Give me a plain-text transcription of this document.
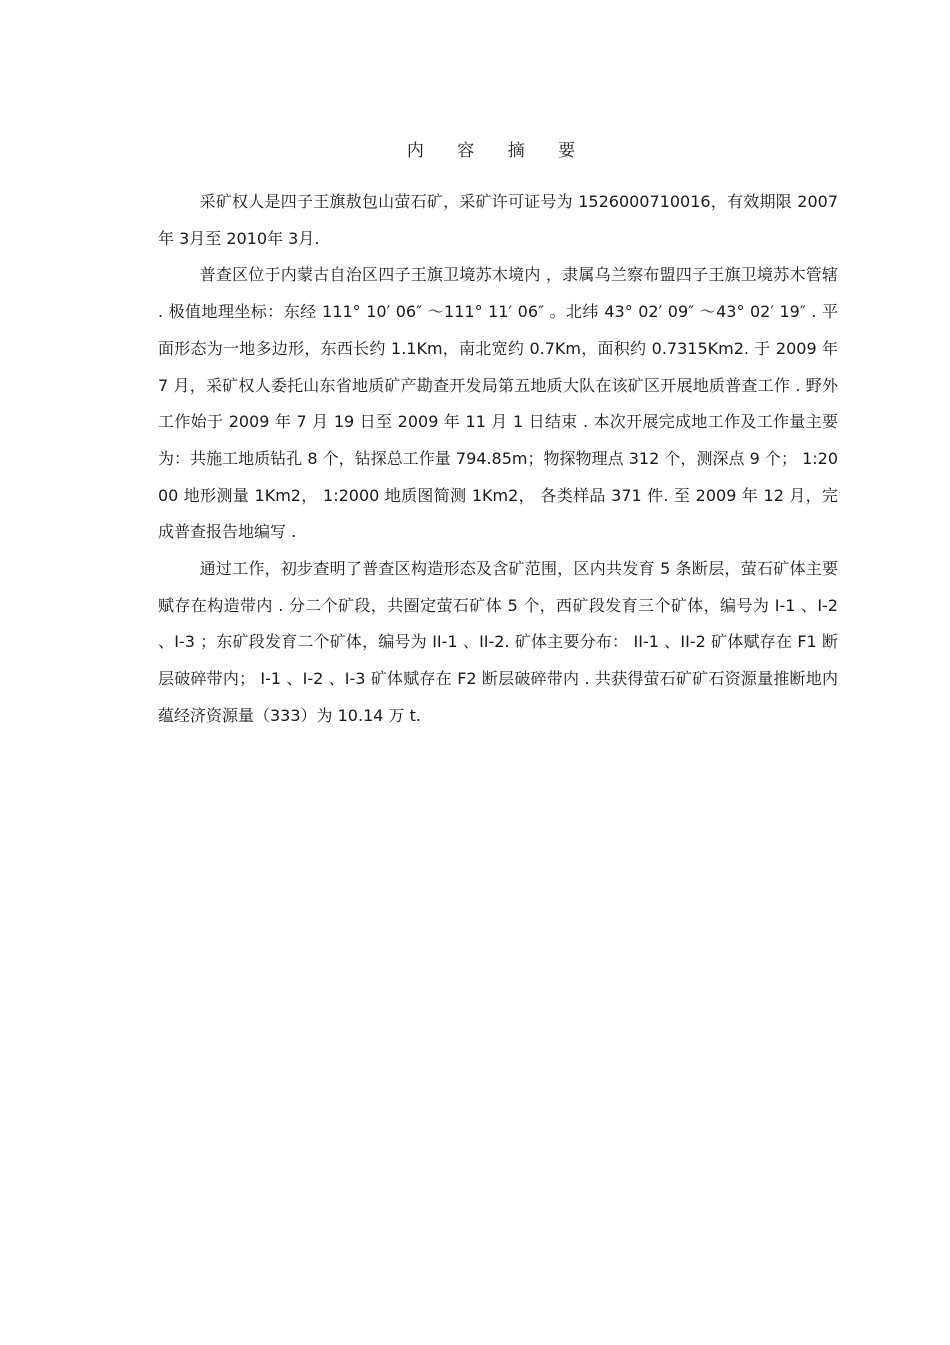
内 容 摘 要

采矿权人是四子王旗敖包山萤石矿，采矿许可证号为 1526000710016，有效期限 2007年 3月至 2010年 3月.

普查区位于内蒙古自治区四子王旗卫境苏木境内 ，隶属乌兰察布盟四子王旗卫境苏木管辖 . 极值地理坐标：东经 111° 10′ 06″ ～111° 11′ 06″ 。北纬 43° 02′ 09″ ～43° 02′ 19″ . 平面形态为一地多边形，东西长约 1.1Km，南北宽约 0.7Km，面积约 0.7315Km2. 于 2009 年 7 月，采矿权人委托山东省地质矿产勘查开发局第五地质大队在该矿区开展地质普查工作 . 野外工作始于 2009 年 7 月 19 日至 2009 年 11 月 1 日结束 . 本次开展完成地工作及工作量主要为：共施工地质钻孔 8 个，钻探总工作量 794.85m；物探物理点 312 个，测深点 9 个； 1:2000 地形测量 1Km2， 1:2000 地质图简测 1Km2， 各类样品 371 件. 至 2009 年 12 月，完成普查报告地编写 .

通过工作，初步查明了普查区构造形态及含矿范围，区内共发育 5 条断层，萤石矿体主要赋存在构造带内 . 分二个矿段，共圈定萤石矿体 5 个，西矿段发育三个矿体，编号为 I-1 、I-2 、I-3 ；东矿段发育二个矿体，编号为 II-1 、II-2. 矿体主要分布： II-1 、II-2 矿体赋存在 F1 断层破碎带内； I-1 、I-2 、I-3 矿体赋存在 F2 断层破碎带内 . 共获得萤石矿矿石资源量推断地内蕴经济资源量（333）为 10.14 万 t.
